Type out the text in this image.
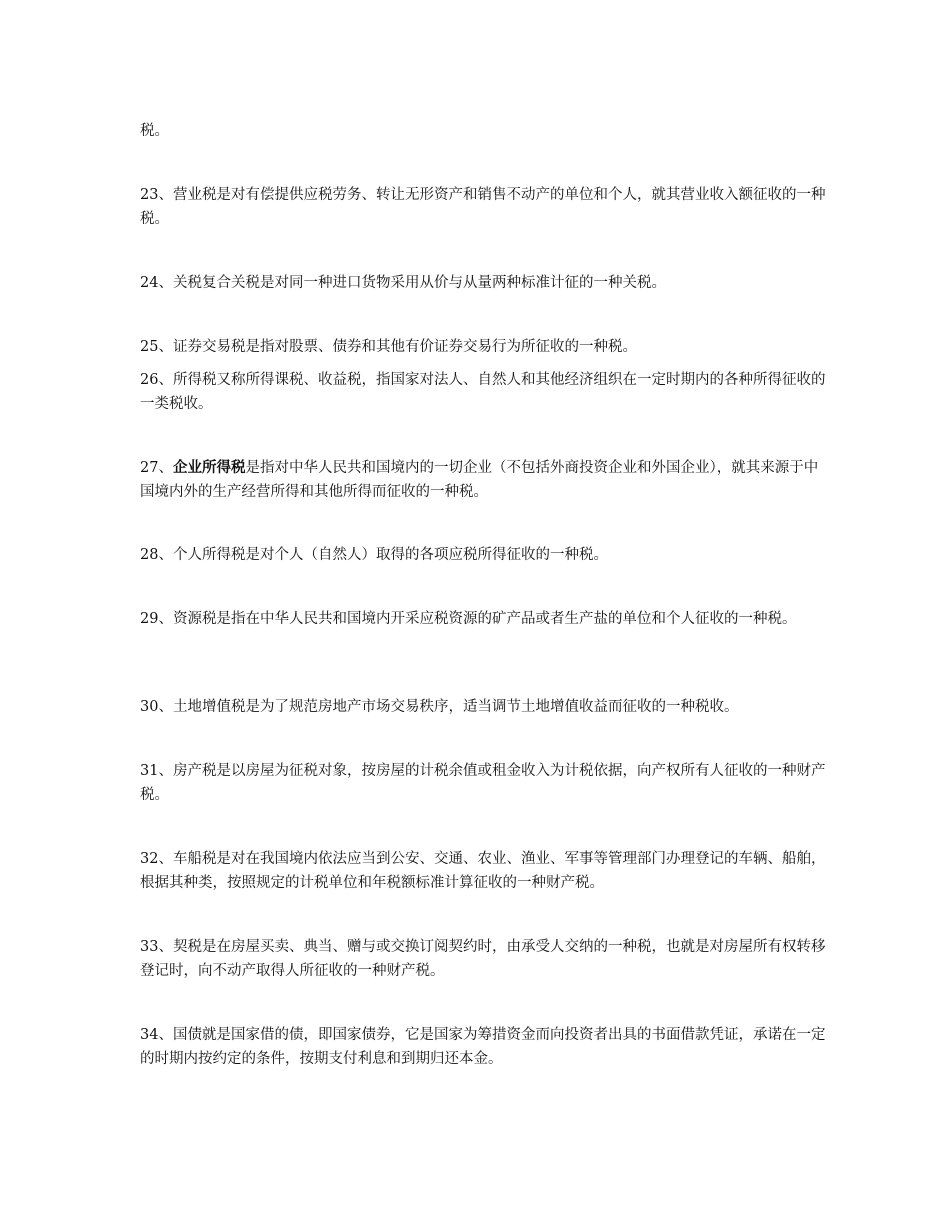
税。

23、营业税是对有偿提供应税劳务、转让无形资产和销售不动产的单位和个人，就其营业收入额征收的一种税。

24、关税复合关税是对同一种进口货物采用从价与从量两种标准计征的一种关税。

25、证券交易税是指对股票、债券和其他有价证券交易行为所征收的一种税。

26、所得税又称所得课税、收益税，指国家对法人、自然人和其他经济组织在一定时期内的各种所得征收的一类税收。

27、企业所得税是指对中华人民共和国境内的一切企业（不包括外商投资企业和外国企业），就其来源于中国境内外的生产经营所得和其他所得而征收的一种税。

28、个人所得税是对个人（自然人）取得的各项应税所得征收的一种税。

29、资源税是指在中华人民共和国境内开采应税资源的矿产品或者生产盐的单位和个人征收的一种税。

30、土地增值税是为了规范房地产市场交易秩序，适当调节土地增值收益而征收的一种税收。

31、房产税是以房屋为征税对象，按房屋的计税余值或租金收入为计税依据，向产权所有人征收的一种财产税。

32、车船税是对在我国境内依法应当到公安、交通、农业、渔业、军事等管理部门办理登记的车辆、船舶，根据其种类，按照规定的计税单位和年税额标准计算征收的一种财产税。

33、契税是在房屋买卖、典当、赠与或交换订阅契约时，由承受人交纳的一种税，也就是对房屋所有权转移登记时，向不动产取得人所征收的一种财产税。

34、国债就是国家借的债，即国家债券，它是国家为筹措资金而向投资者出具的书面借款凭证，承诺在一定的时期内按约定的条件，按期支付利息和到期归还本金。
